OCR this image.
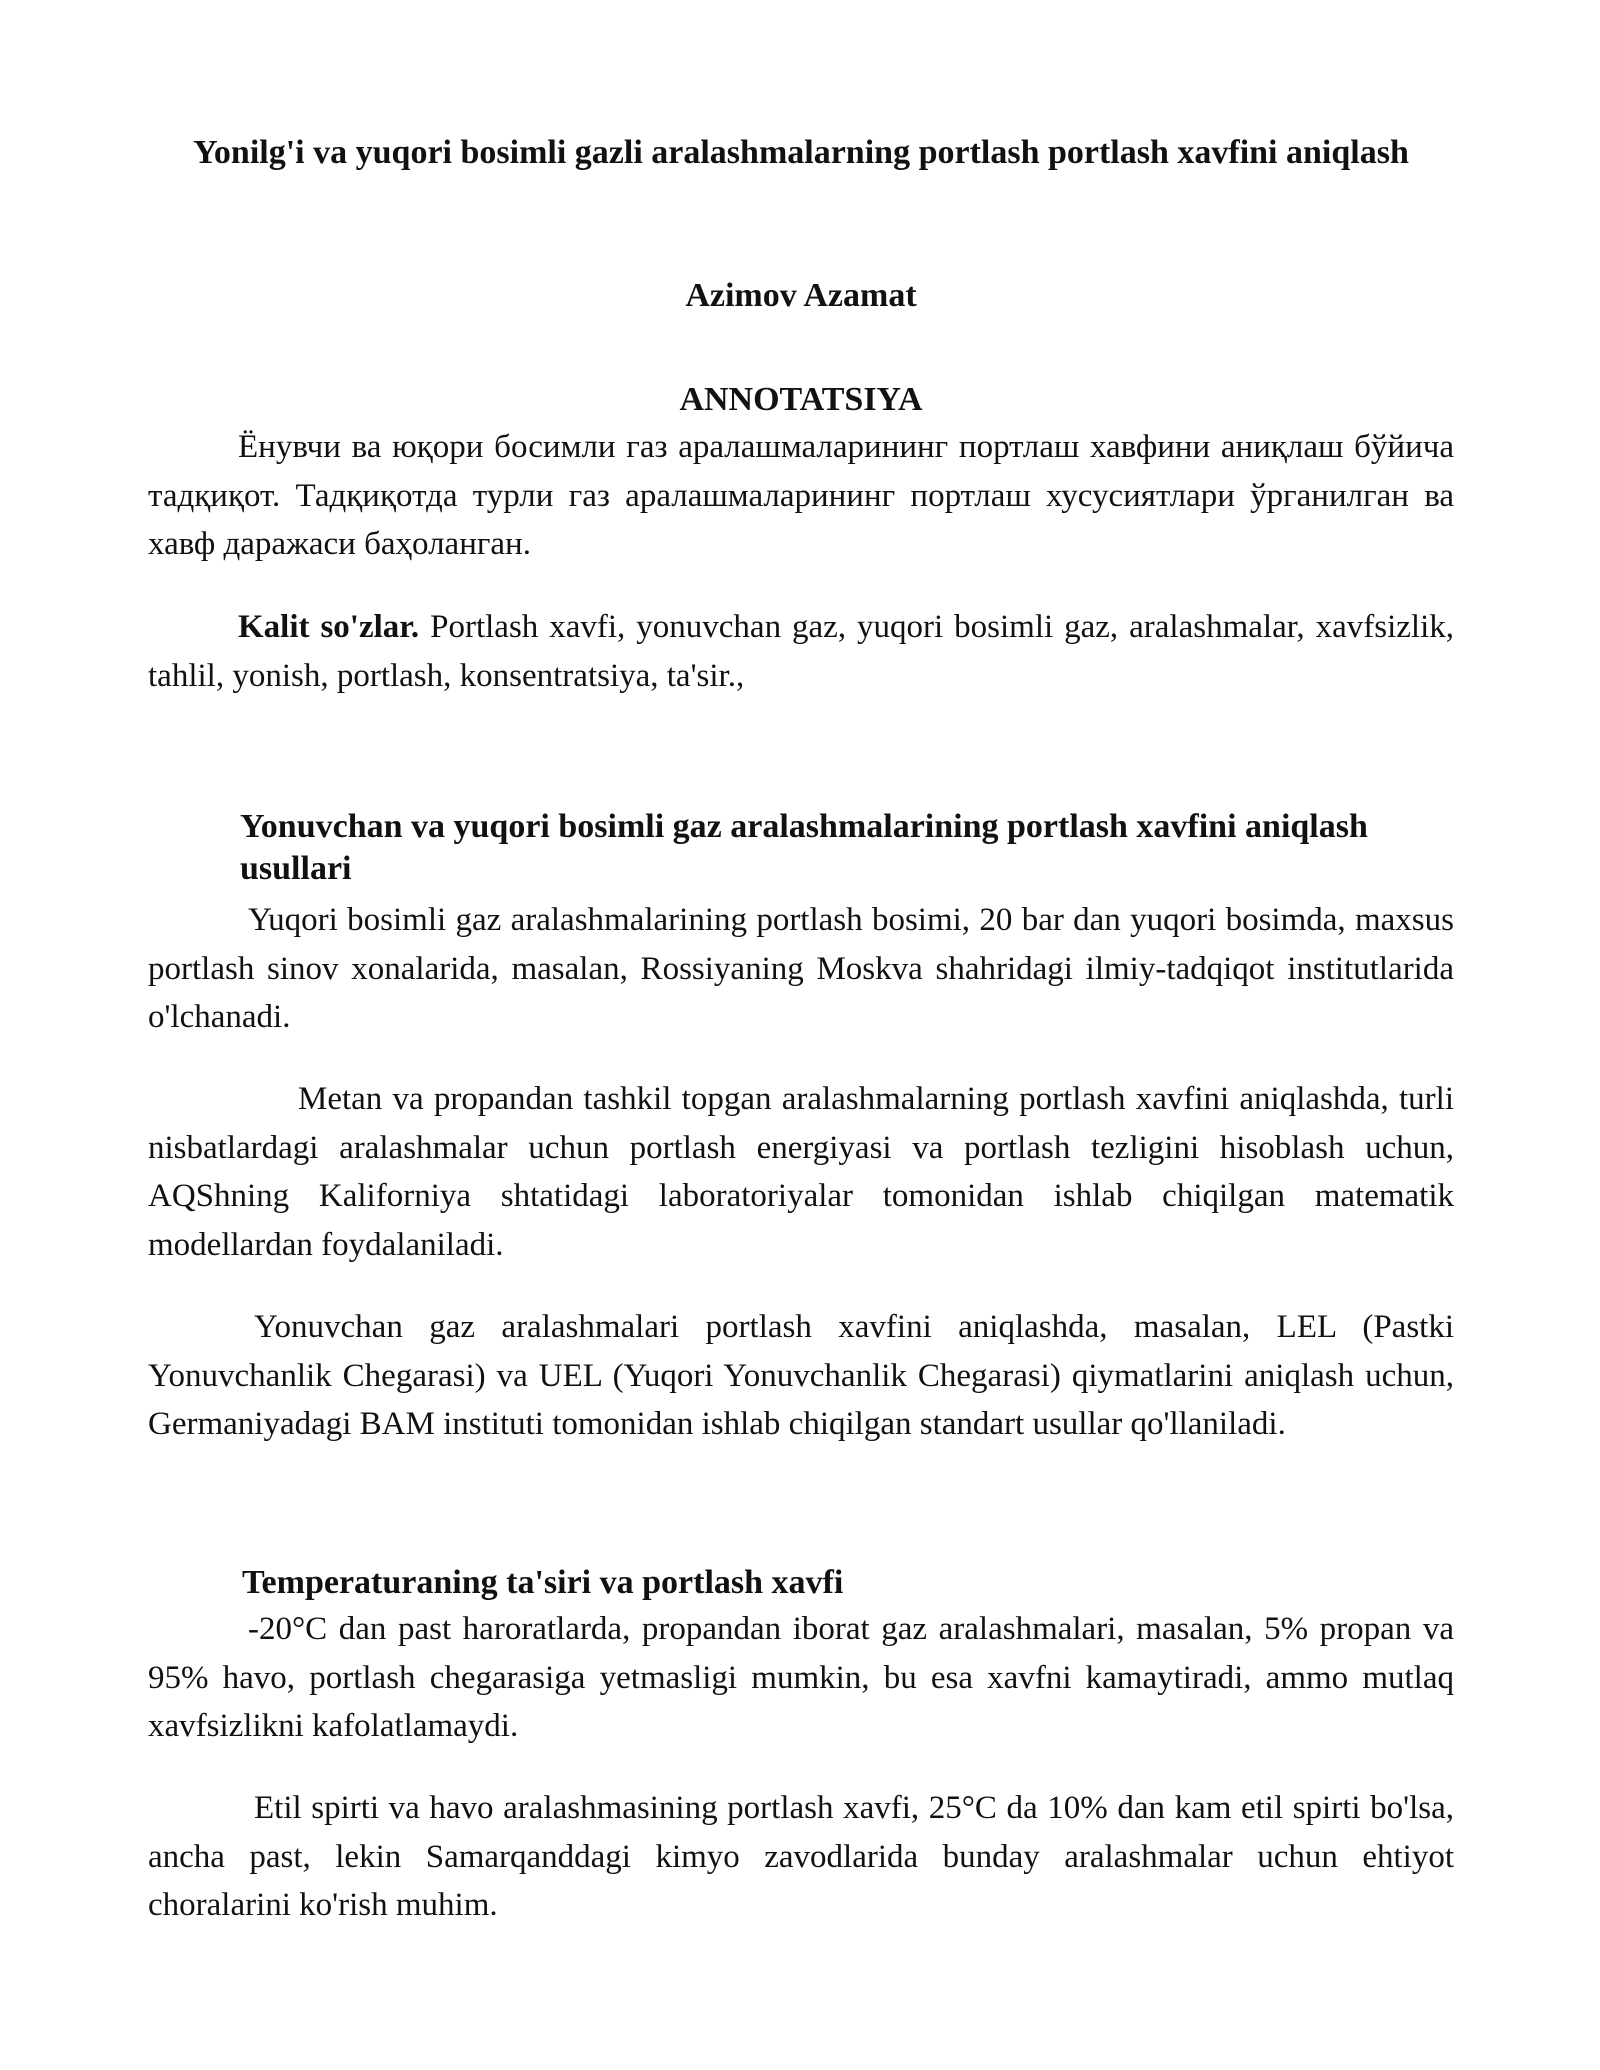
Yonilg'i va yuqori bosimli gazli aralashmalarning portlash portlash xavfini aniqlash

Azimov Azamat

ANNOTATSIYA

Ёнувчи ва юқори босимли газ аралашмаларининг портлаш хавфини аниқлаш бўйича тадқиқот. Тадқиқотда турли газ аралашмаларининг портлаш хусусиятлари ўрганилган ва хавф даражаси баҳоланган.

Kalit so'zlar. Portlash xavfi, yonuvchan gaz, yuqori bosimli gaz, aralashmalar, xavfsizlik, tahlil, yonish, portlash, konsentratsiya, ta'sir.,

Yonuvchan va yuqori bosimli gaz aralashmalarining portlash xavfini aniqlash usullari

Yuqori bosimli gaz aralashmalarining portlash bosimi, 20 bar dan yuqori bosimda, maxsus portlash sinov xonalarida, masalan, Rossiyaning Moskva shahridagi ilmiy-tadqiqot institutlarida o'lchanadi.

Metan va propandan tashkil topgan aralashmalarning portlash xavfini aniqlashda, turli nisbatlardagi aralashmalar uchun portlash energiyasi va portlash tezligini hisoblash uchun, AQShning Kaliforniya shtatidagi laboratoriyalar tomonidan ishlab chiqilgan matematik modellardan foydalaniladi.

Yonuvchan gaz aralashmalari portlash xavfini aniqlashda, masalan, LEL (Pastki Yonuvchanlik Chegarasi) va UEL (Yuqori Yonuvchanlik Chegarasi) qiymatlarini aniqlash uchun, Germaniyadagi BAM instituti tomonidan ishlab chiqilgan standart usullar qo'llaniladi.

Temperaturaning ta'siri va portlash xavfi

-20°C dan past haroratlarda, propandan iborat gaz aralashmalari, masalan, 5% propan va 95% havo, portlash chegarasiga yetmasligi mumkin, bu esa xavfni kamaytiradi, ammo mutlaq xavfsizlikni kafolatlamaydi.

Etil spirti va havo aralashmasining portlash xavfi, 25°C da 10% dan kam etil spirti bo'lsa, ancha past, lekin Samarqanddagi kimyo zavodlarida bunday aralashmalar uchun ehtiyot choralarini ko'rish muhim.
